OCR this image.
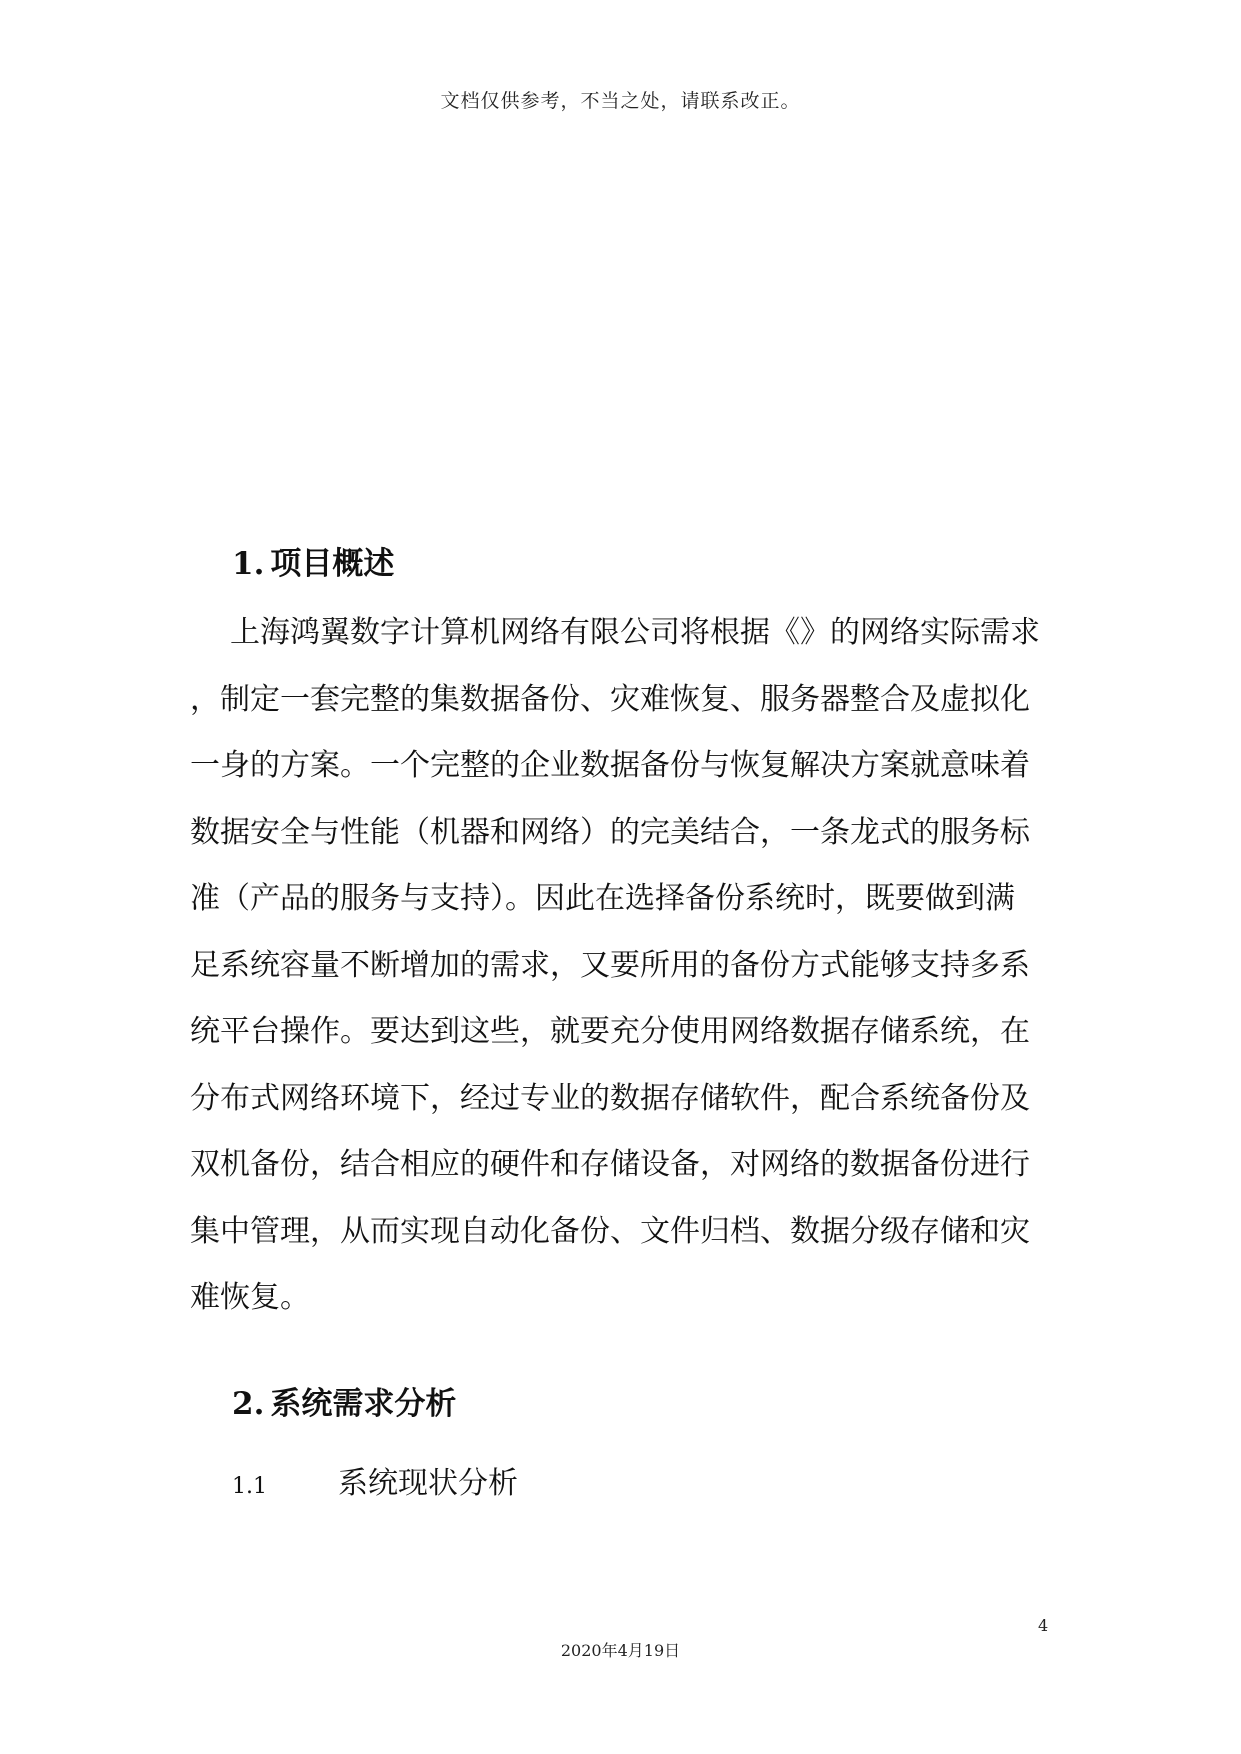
文档仅供参考，不当之处，请联系改正。
1. 项目概述
上海鸿翼数字计算机网络有限公司将根据《》的网络实际需求
，制定一套完整的集数据备份、灾难恢复、服务器整合及虚拟化
一身的方案。一个完整的企业数据备份与恢复解决方案就意味着
数据安全与性能（机器和网络）的完美结合，一条龙式的服务标
准（产品的服务与支持）。因此在选择备份系统时，既要做到满
足系统容量不断增加的需求，又要所用的备份方式能够支持多系
统平台操作。要达到这些，就要充分使用网络数据存储系统，在
分布式网络环境下，经过专业的数据存储软件，配合系统备份及
双机备份，结合相应的硬件和存储设备，对网络的数据备份进行
集中管理，从而实现自动化备份、文件归档、数据分级存储和灾
难恢复。
2. 系统需求分析
1.1 系统现状分析
4
2020年4月19日
